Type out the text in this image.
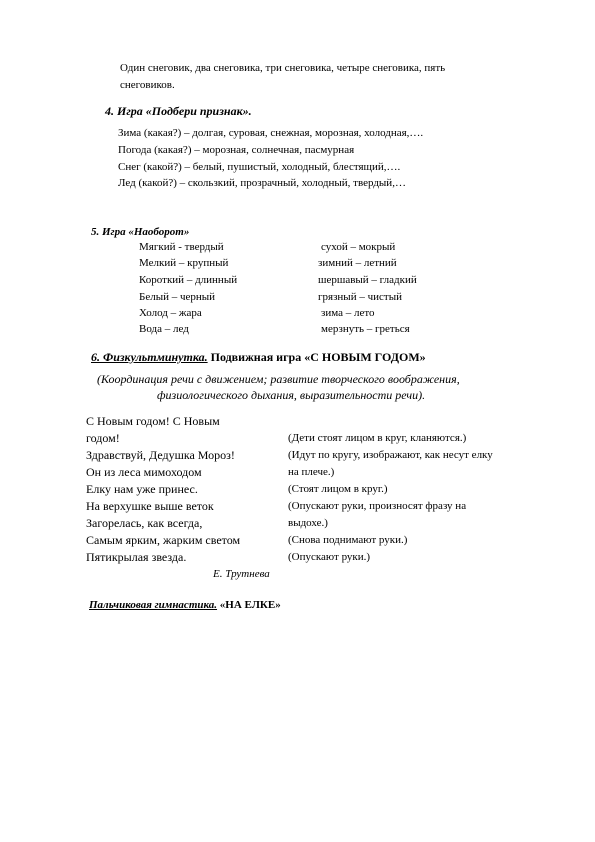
Один снеговик, два снеговика, три снеговика, четыре снеговика, пять
снеговиков.
4. Игра «Подбери признак».
Зима (какая?) – долгая, суровая, снежная, морозная, холодная,….
Погода (какая?) – морозная, солнечная, пасмурная
Снег (какой?) – белый, пушистый, холодный, блестящий,….
Лед (какой?) – скользкий, прозрачный, холодный, твердый,…
5. Игра «Наоборот»
Мягкий - твердый
Мелкий – крупный
Короткий – длинный
Белый – черный
Холод – жара
Вода – лед
сухой – мокрый
зимний – летний
шершавый – гладкий
грязный – чистый
зима – лето
мерзнуть – греться
6. Физкультминутка. Подвижная игра «С НОВЫМ ГОДОМ»
(Координация речи с движением; развитие творческого воображения,
физиологического дыхания, выразительности речи).
С Новым годом! С Новым
годом!
Здравствуй, Дедушка Мороз!
Он из леса мимоходом
Елку нам уже принес.
На верхушке выше веток
Загорелась, как всегда,
Самым ярким, жарким светом
Пятикрылая звезда.
(Дети стоят лицом в круг, кланяются.)
(Идут по кругу, изображают, как несут елку
на плече.)
(Стоят лицом в круг.)
(Опускают руки, произносят фразу на
выдохе.)
(Снова поднимают руки.)
(Опускают руки.)
Е. Трутнева
Пальчиковая гимнастика. «НА ЕЛКЕ»
